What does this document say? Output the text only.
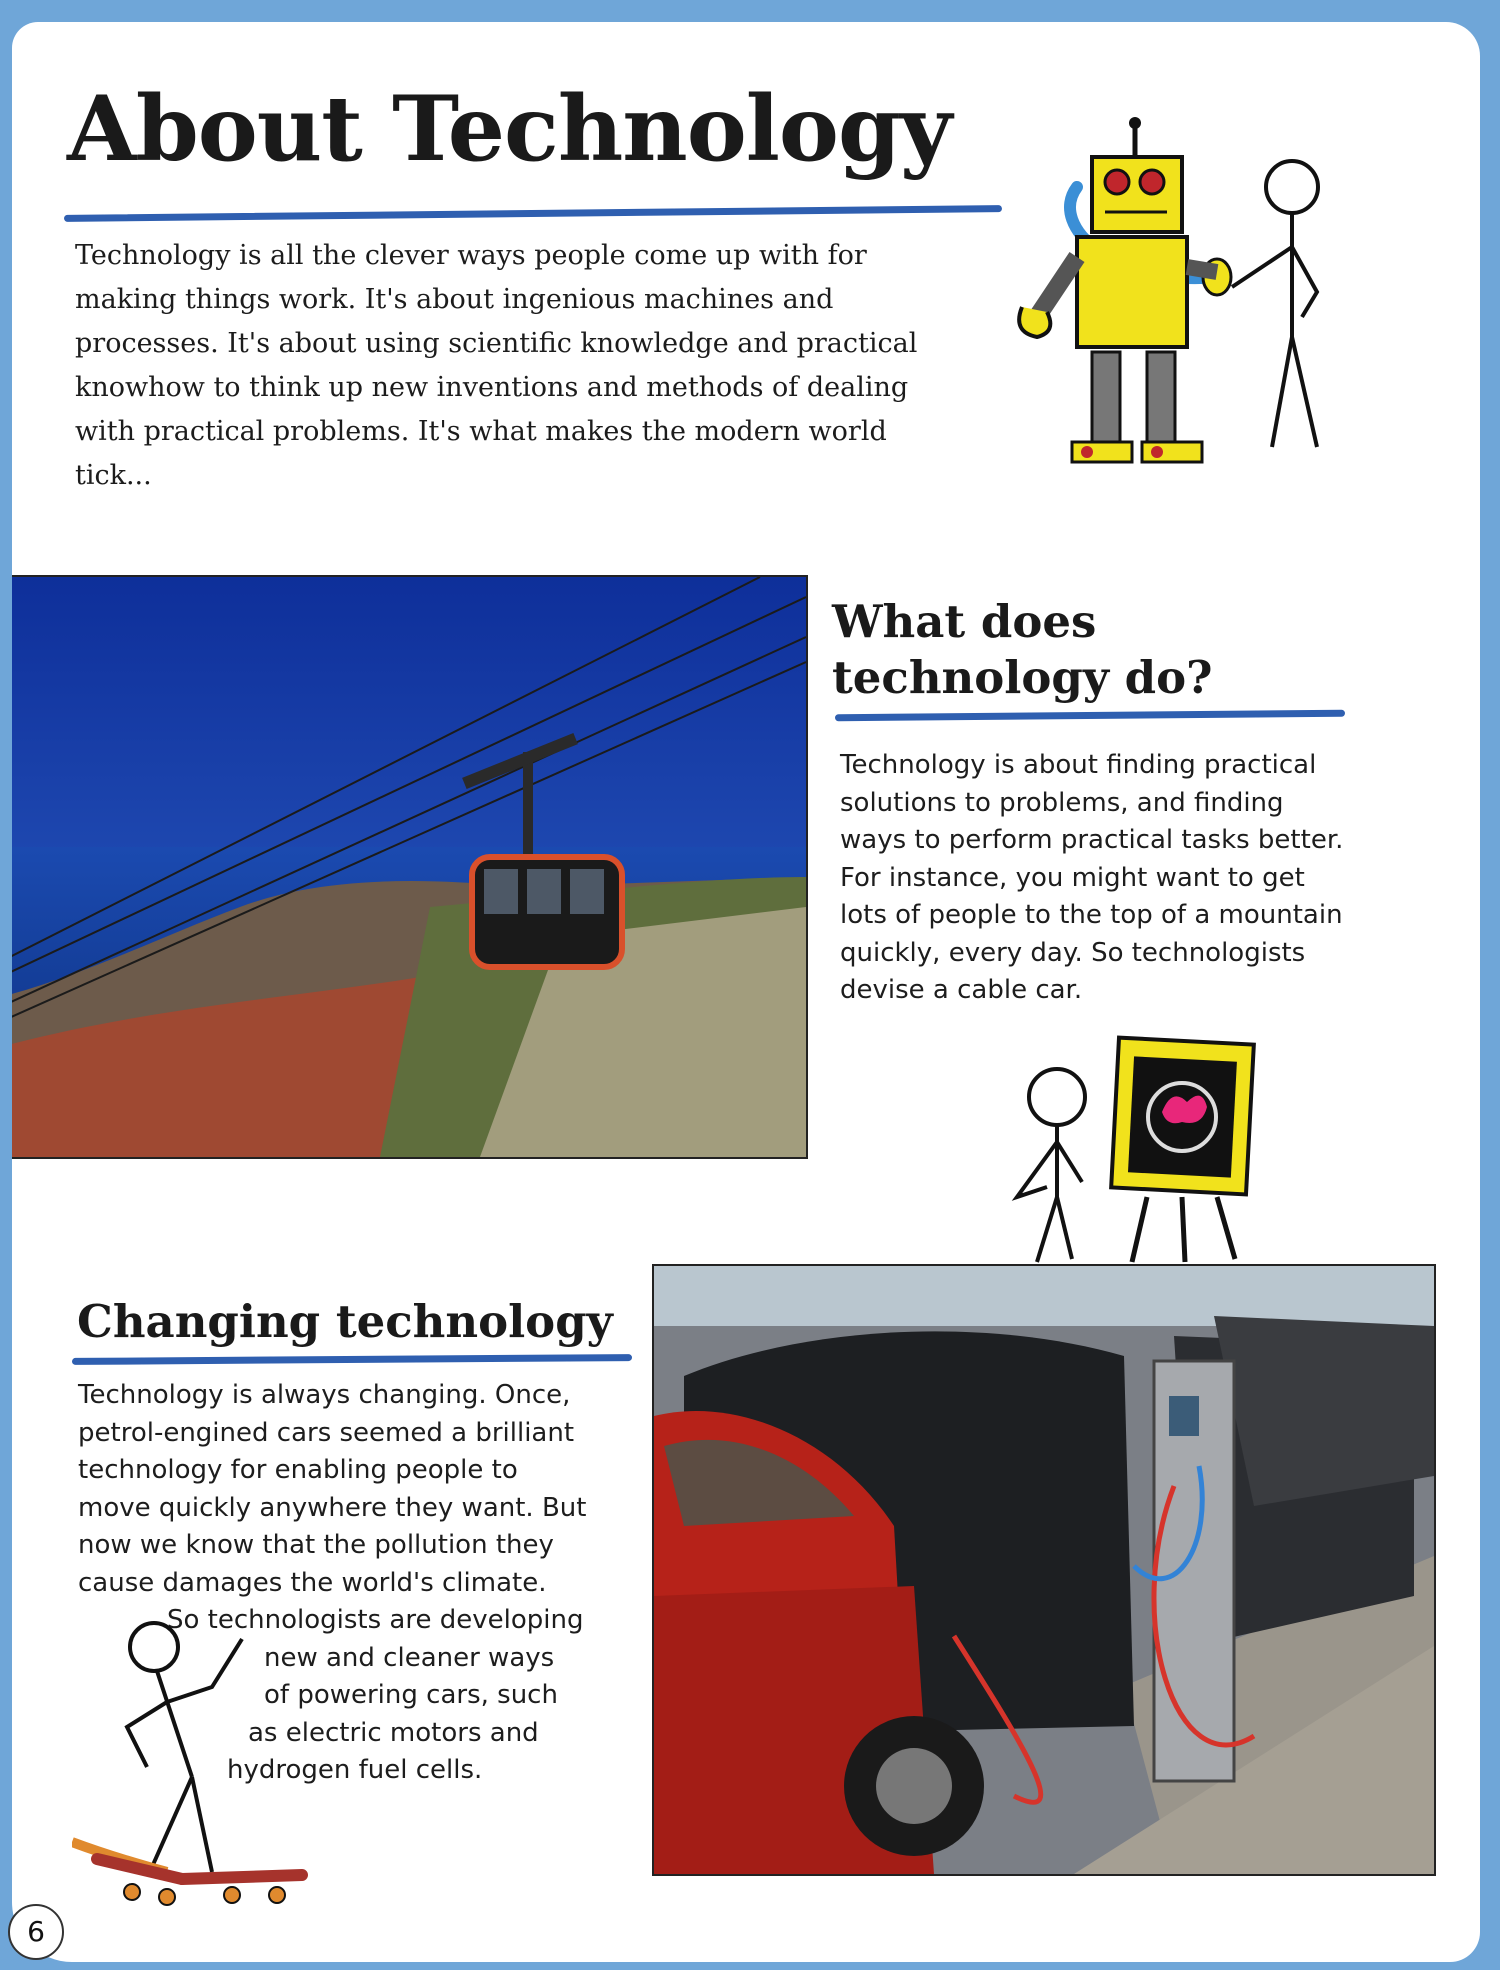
About Technology

Technology is all the clever ways people come up with for making things work. It's about ingenious machines and processes. It's about using scientific knowledge and practical knowhow to think up new inventions and methods of dealing with practical problems. It's what makes the modern world tick...

What does
technology do?

Technology is about finding practical
solutions to problems, and finding
ways to perform practical tasks better.
For instance, you might want to get
lots of people to the top of a mountain
quickly, every day. So technologists
devise a cable car.

Changing technology
Technology is always changing. Once,
petrol-engined cars seemed a brilliant
technology for enabling people to
move quickly anywhere they want. But
now we know that the pollution they
cause damages the world's climate.
So technologists are developing
new and cleaner ways
of powering cars, such
as electric motors and
hydrogen fuel cells.
6
